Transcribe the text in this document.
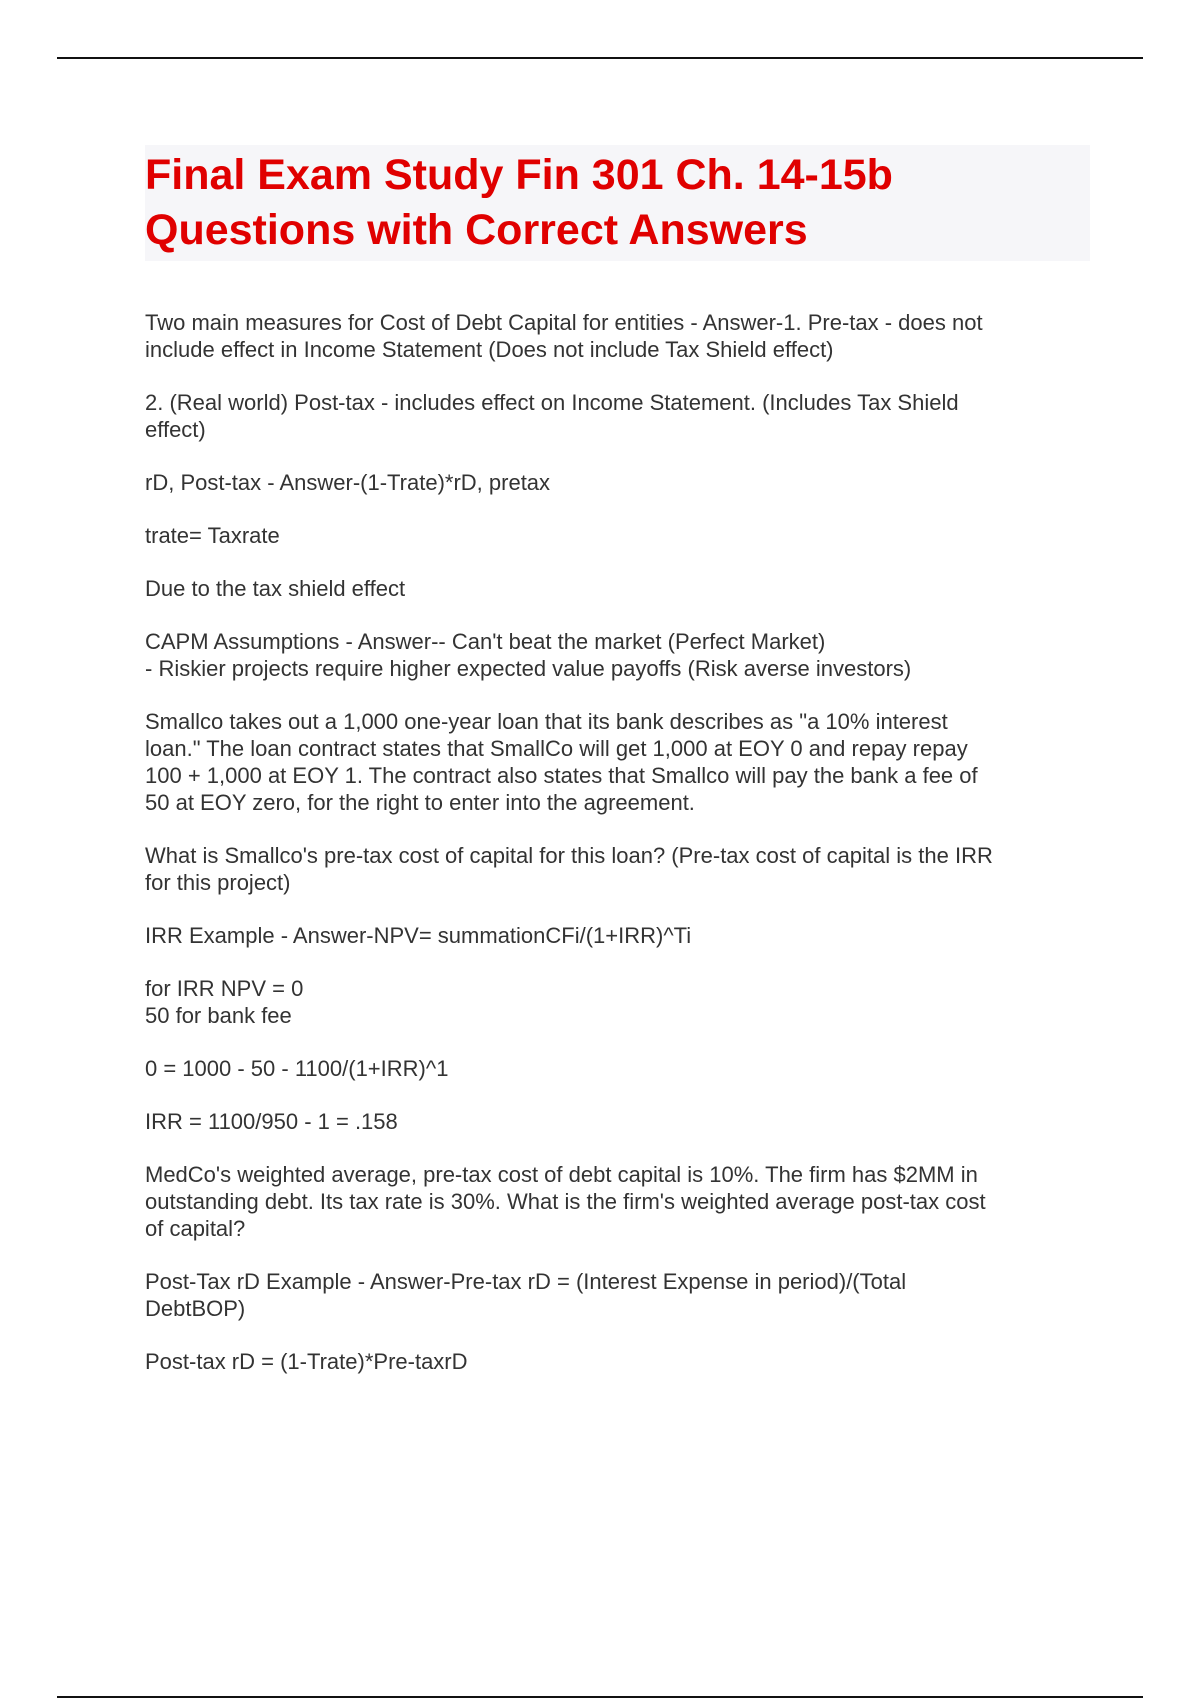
Final Exam Study Fin 301 Ch. 14-15b
Questions with Correct Answers
Two main measures for Cost of Debt Capital for entities - Answer-1. Pre-tax - does not
include effect in Income Statement (Does not include Tax Shield effect)
2. (Real world) Post-tax - includes effect on Income Statement. (Includes Tax Shield
effect)
rD, Post-tax - Answer-(1-Trate)*rD, pretax
trate= Taxrate
Due to the tax shield effect
CAPM Assumptions - Answer-- Can't beat the market (Perfect Market)
- Riskier projects require higher expected value payoffs (Risk averse investors)
Smallco takes out a 1,000 one-year loan that its bank describes as "a 10% interest
loan." The loan contract states that SmallCo will get 1,000 at EOY 0 and repay repay
100 + 1,000 at EOY 1. The contract also states that Smallco will pay the bank a fee of
50 at EOY zero, for the right to enter into the agreement.
What is Smallco's pre-tax cost of capital for this loan? (Pre-tax cost of capital is the IRR
for this project)
IRR Example - Answer-NPV= summationCFi/(1+IRR)^Ti
for IRR NPV = 0
50 for bank fee
0 = 1000 - 50 - 1100/(1+IRR)^1
IRR = 1100/950 - 1 = .158
MedCo's weighted average, pre-tax cost of debt capital is 10%. The firm has $2MM in
outstanding debt. Its tax rate is 30%. What is the firm's weighted average post-tax cost
of capital?
Post-Tax rD Example - Answer-Pre-tax rD = (Interest Expense in period)/(Total
DebtBOP)
Post-tax rD = (1-Trate)*Pre-taxrD
